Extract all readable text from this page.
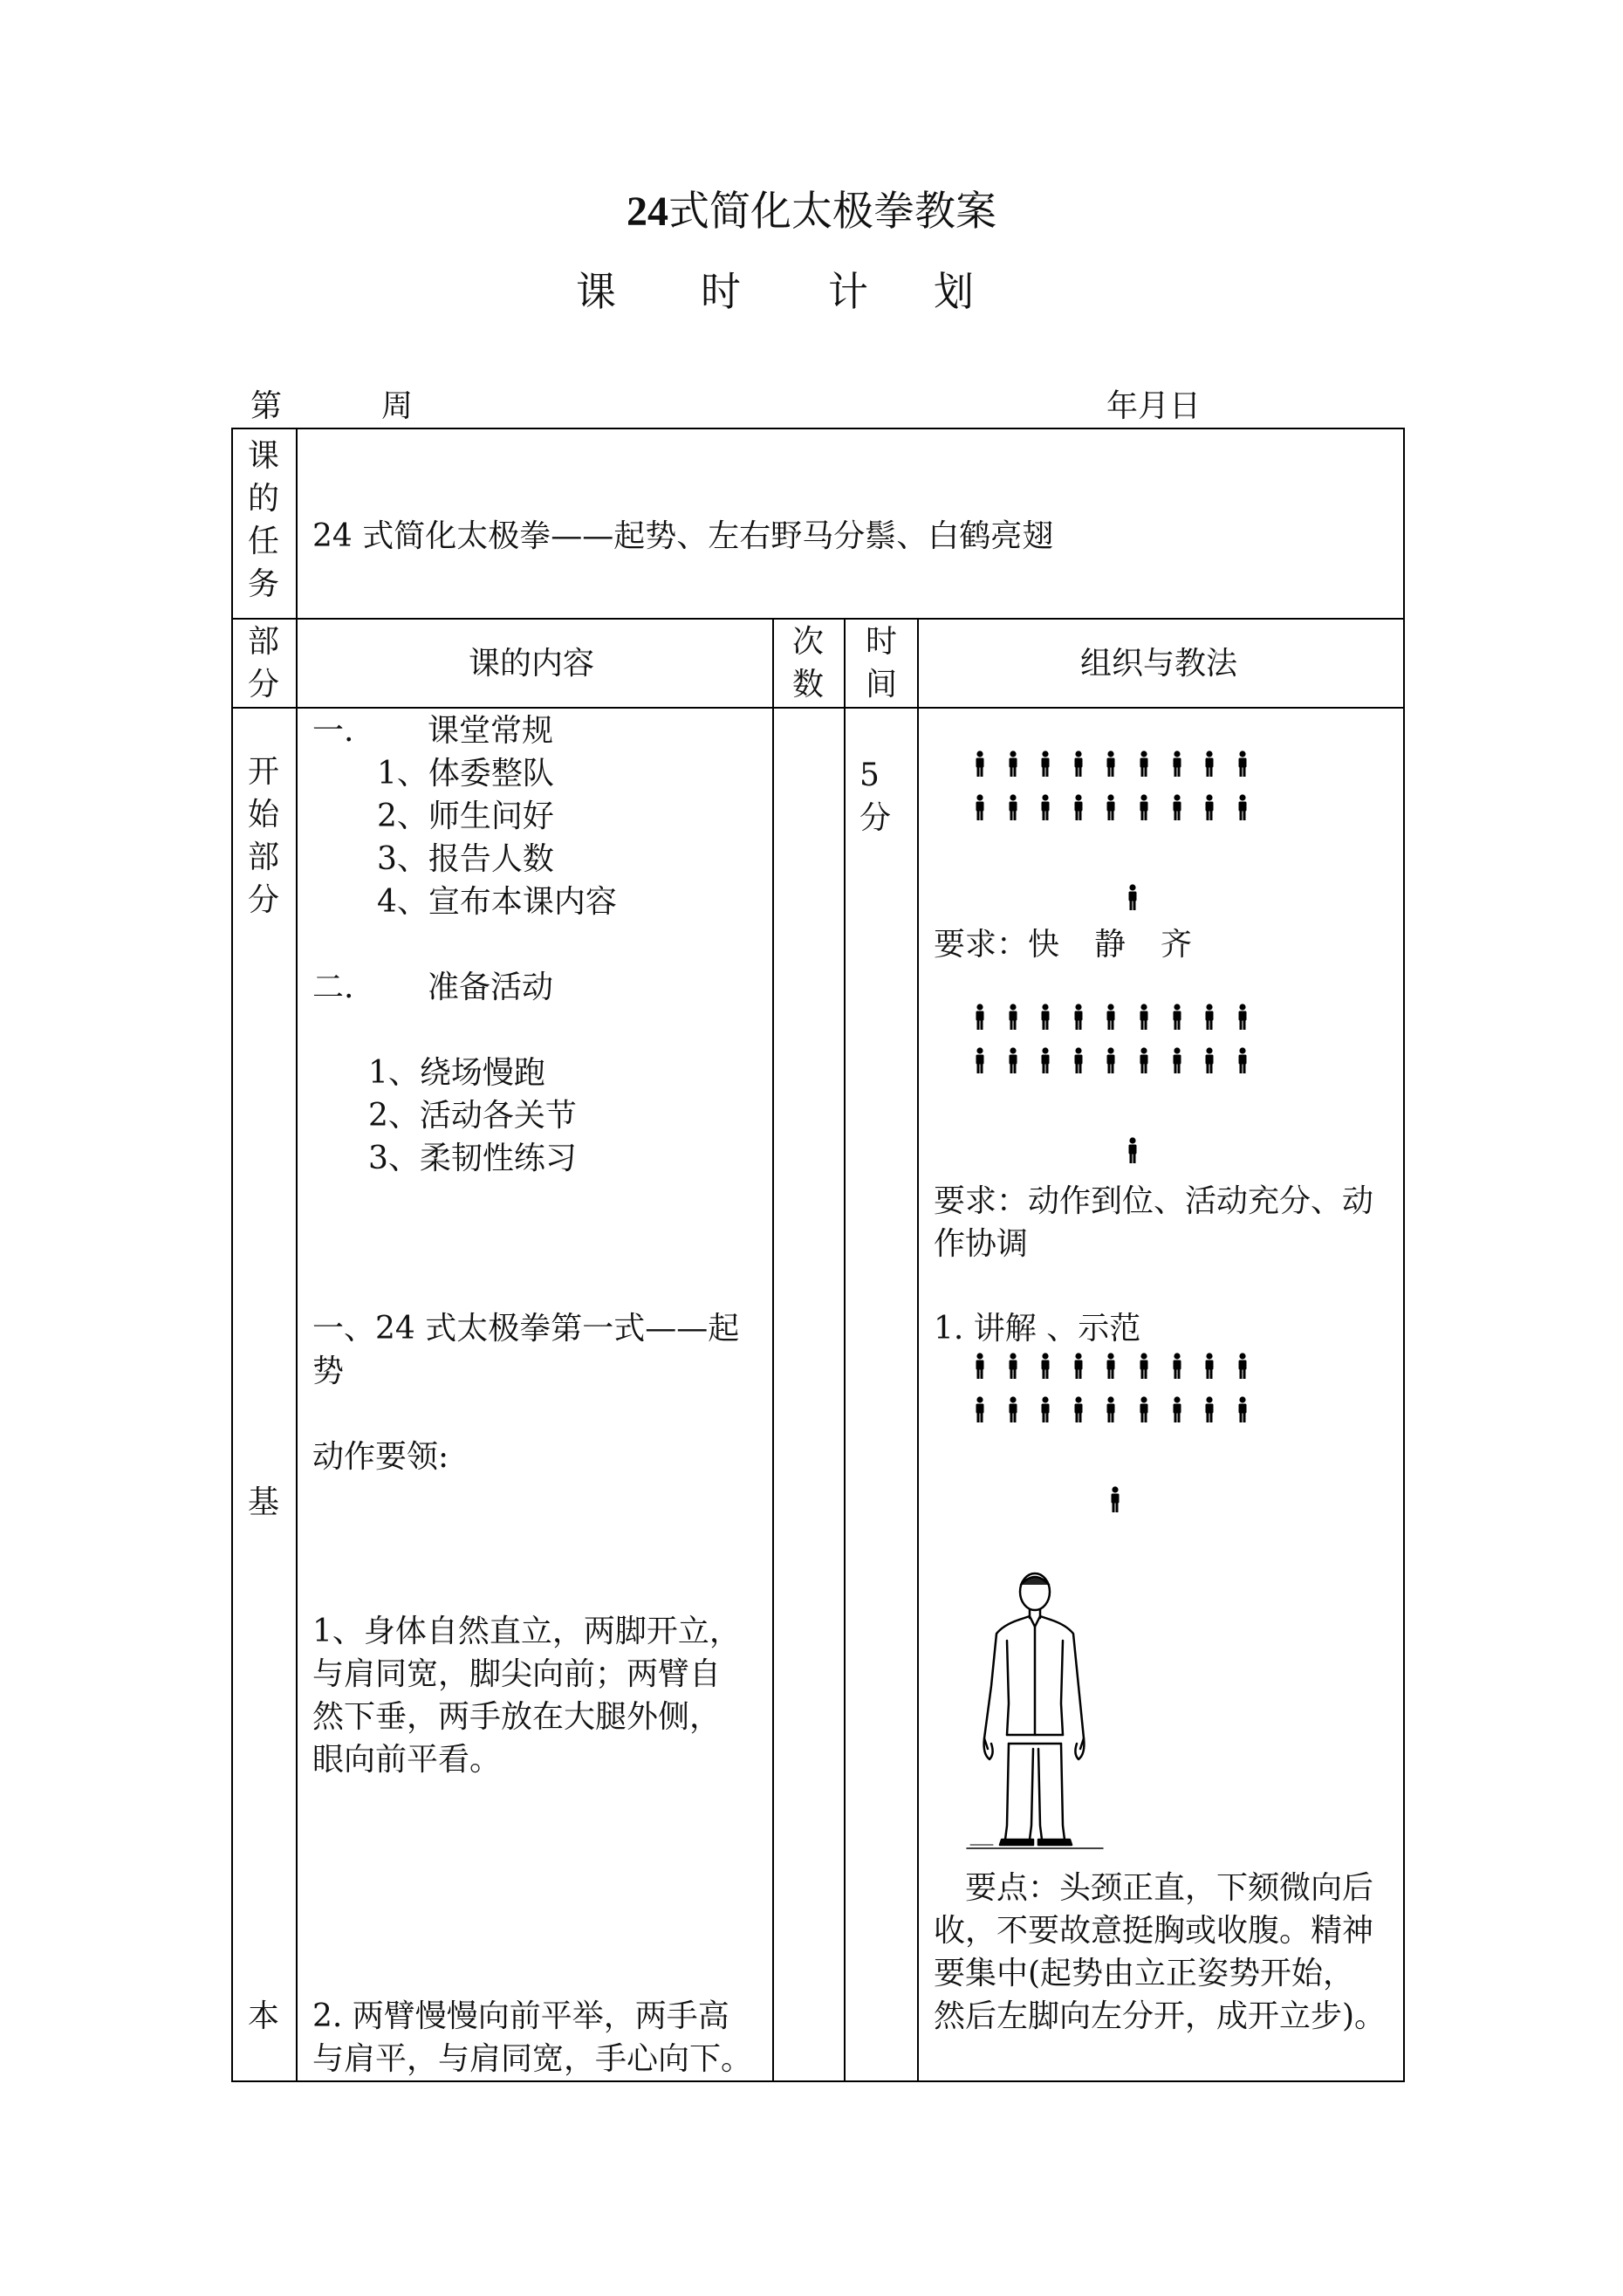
24式简化太极拳教案
课 时 计 划
第	周	年月日
课
的
任
务
24 式简化太极拳——起势、左右野马分鬃、白鹤亮翅
部
分
课的内容
次
数
时
间
组织与教法
开
始
部
分
基
本
5
分
一. 课堂常规
1、体委整队
2、师生问好
3、报告人数
4、宣布本课内容
二. 准备活动
1、绕场慢跑
2、活动各关节
3、柔韧性练习
一、24 式太极拳第一式——起
势
动作要领:
1、身体自然直立，两脚开立，
与肩同宽，脚尖向前；两臂自
然下垂，两手放在大腿外侧，
眼向前平看。
2. 两臂慢慢向前平举，两手高
与肩平，与肩同宽，手心向下。
要求：快 静 齐
要求：动作到位、活动充分、动
作协调
1. 讲解 、示范
要点：头颈正直，下颏微向后
收，不要故意挺胸或收腹。精神
要集中(起势由立正姿势开始，
然后左脚向左分开，成开立步)。
